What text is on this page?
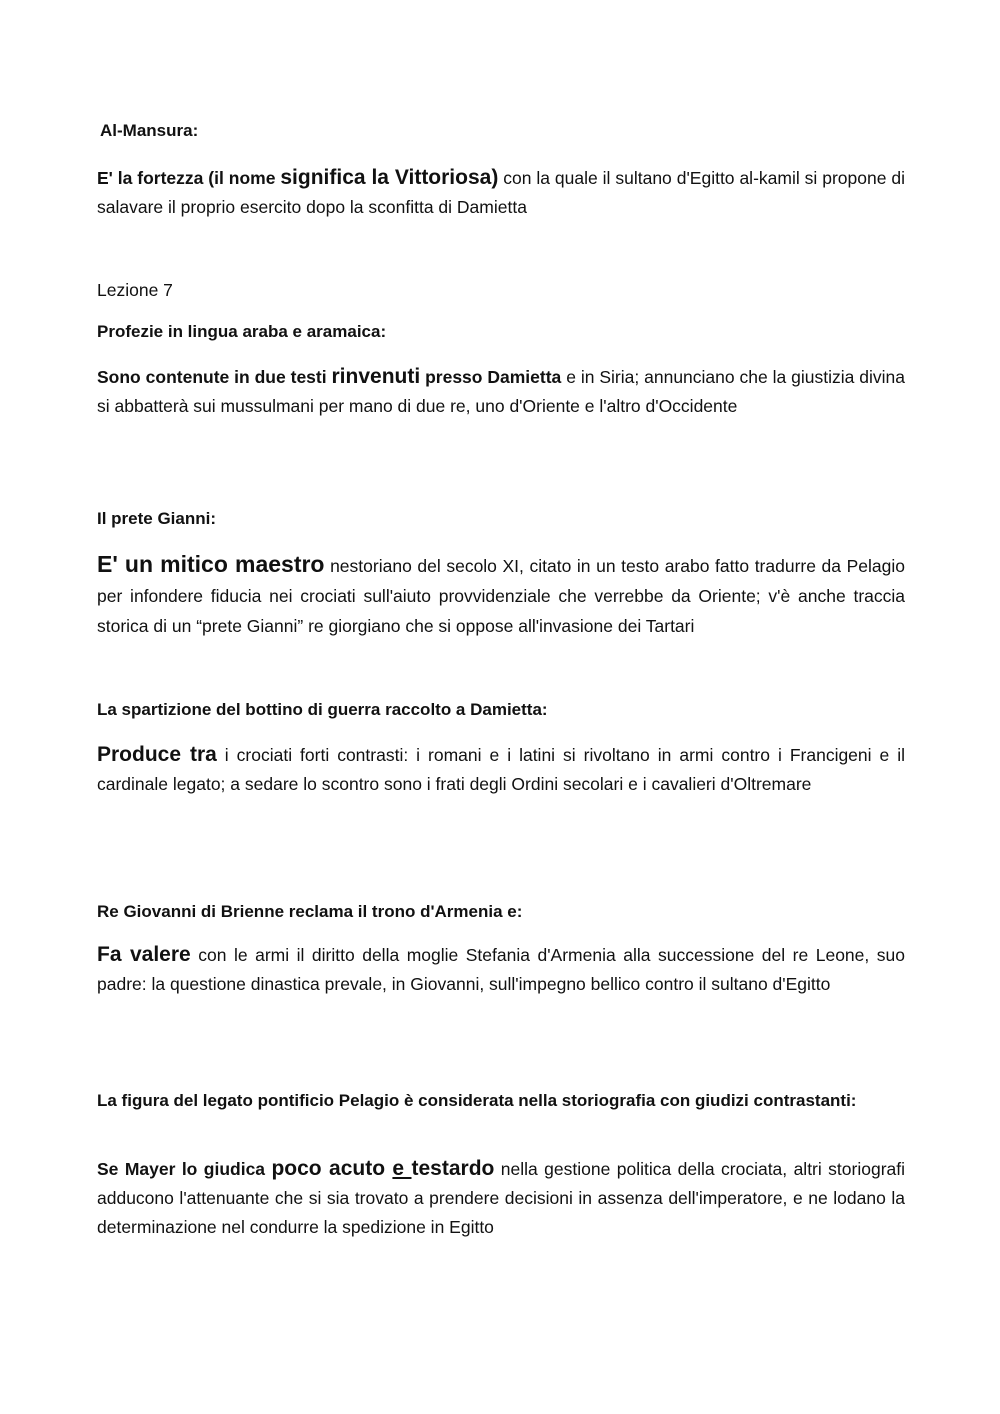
Al-Mansura:
E' la fortezza (il nome significa la Vittoriosa) con la quale il sultano d'Egitto al-kamil si propone di salavare il proprio esercito dopo la sconfitta di Damietta
Lezione 7
Profezie in lingua araba e aramaica:
Sono contenute in due testi rinvenuti presso Damietta e in Siria; annunciano che la giustizia divina si abbatterà sui mussulmani per mano di due re, uno d'Oriente e l'altro d'Occidente
Il prete Gianni:
E' un mitico maestro nestoriano del secolo XI, citato in un testo arabo fatto tradurre da Pelagio per infondere fiducia nei crociati sull'aiuto provvidenziale che verrebbe da Oriente; v'è anche traccia storica di un “prete Gianni” re giorgiano che si oppose all'invasione dei Tartari
La spartizione del bottino di guerra raccolto a Damietta:
Produce tra i crociati forti contrasti: i romani e i latini si rivoltano in armi contro i Francigeni e il cardinale legato; a sedare lo scontro sono i frati degli Ordini secolari e i cavalieri d'Oltremare
Re Giovanni di Brienne reclama il trono d'Armenia e:
Fa valere con le armi il diritto della moglie Stefania d'Armenia alla successione del re Leone, suo padre: la questione dinastica prevale, in Giovanni, sull'impegno bellico contro il sultano d'Egitto
La figura del legato pontificio Pelagio è considerata nella storiografia con giudizi contrastanti:
Se Mayer lo giudica poco acuto e testardo nella gestione politica della crociata, altri storiografi adducono l'attenuante che si sia trovato a prendere decisioni in assenza dell'imperatore, e ne lodano la determinazione nel condurre la spedizione in Egitto
